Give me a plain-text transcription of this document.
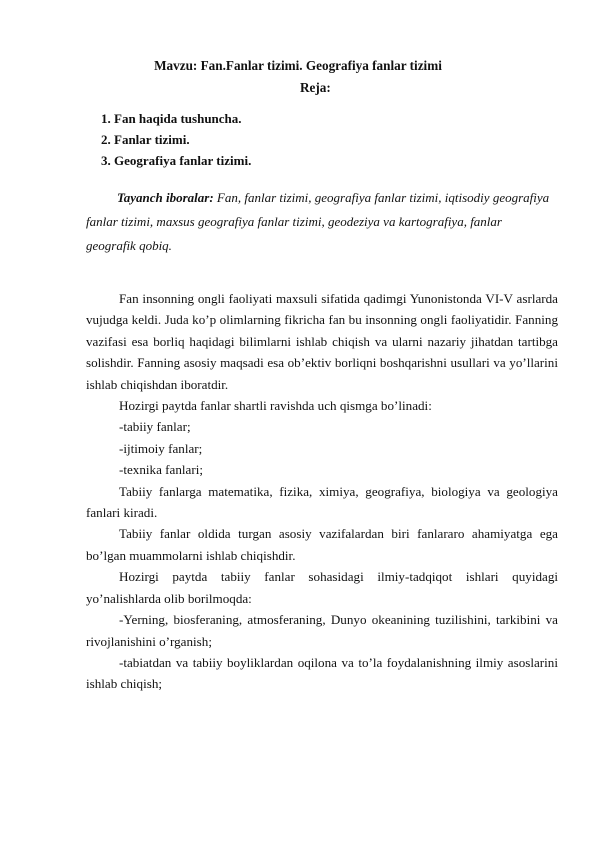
Mavzu: Fan.Fanlar tizimi. Geografiya fanlar tizimi
Reja:
1. Fan haqida tushuncha.
2. Fanlar tizimi.
3. Geografiya fanlar tizimi.
Tayanch iboralar: Fan, fanlar tizimi, geografiya fanlar tizimi, iqtisodiy geografiya fanlar tizimi, maxsus geografiya fanlar tizimi, geodeziya va kartografiya, fanlar geografik qobiq.

Fan insonning ongli faoliyati maxsuli sifatida qadimgi Yunonistonda VI-V asrlarda vujudga keldi. Juda ko’p olimlarning fikricha fan bu insonning ongli faoliyatidir. Fanning vazifasi esa borliq haqidagi bilimlarni ishlab chiqish va ularni nazariy jihatdan tartibga solishdir. Fanning asosiy maqsadi esa ob’ektiv borliqni boshqarishni usullari va yo’llarini ishlab chiqishdan iboratdir.

Hozirgi paytda fanlar shartli ravishda uch qismga bo’linadi:

-tabiiy fanlar;

-ijtimoiy fanlar;

-texnika fanlari;

Tabiiy fanlarga matematika, fizika, ximiya, geografiya, biologiya va geologiya fanlari kiradi.

Tabiiy fanlar oldida turgan asosiy vazifalardan biri fanlararo ahamiyatga ega bo’lgan muammolarni ishlab chiqishdir.

Hozirgi paytda tabiiy fanlar sohasidagi ilmiy-tadqiqot ishlari quyidagi yo’nalishlarda olib borilmoqda:

-Yerning, biosferaning, atmosferaning, Dunyo okeanining tuzilishini, tarkibini va rivojlanishini o’rganish;

-tabiatdan va tabiiy boyliklardan oqilona va to’la foydalanishning ilmiy asoslarini ishlab chiqish;
